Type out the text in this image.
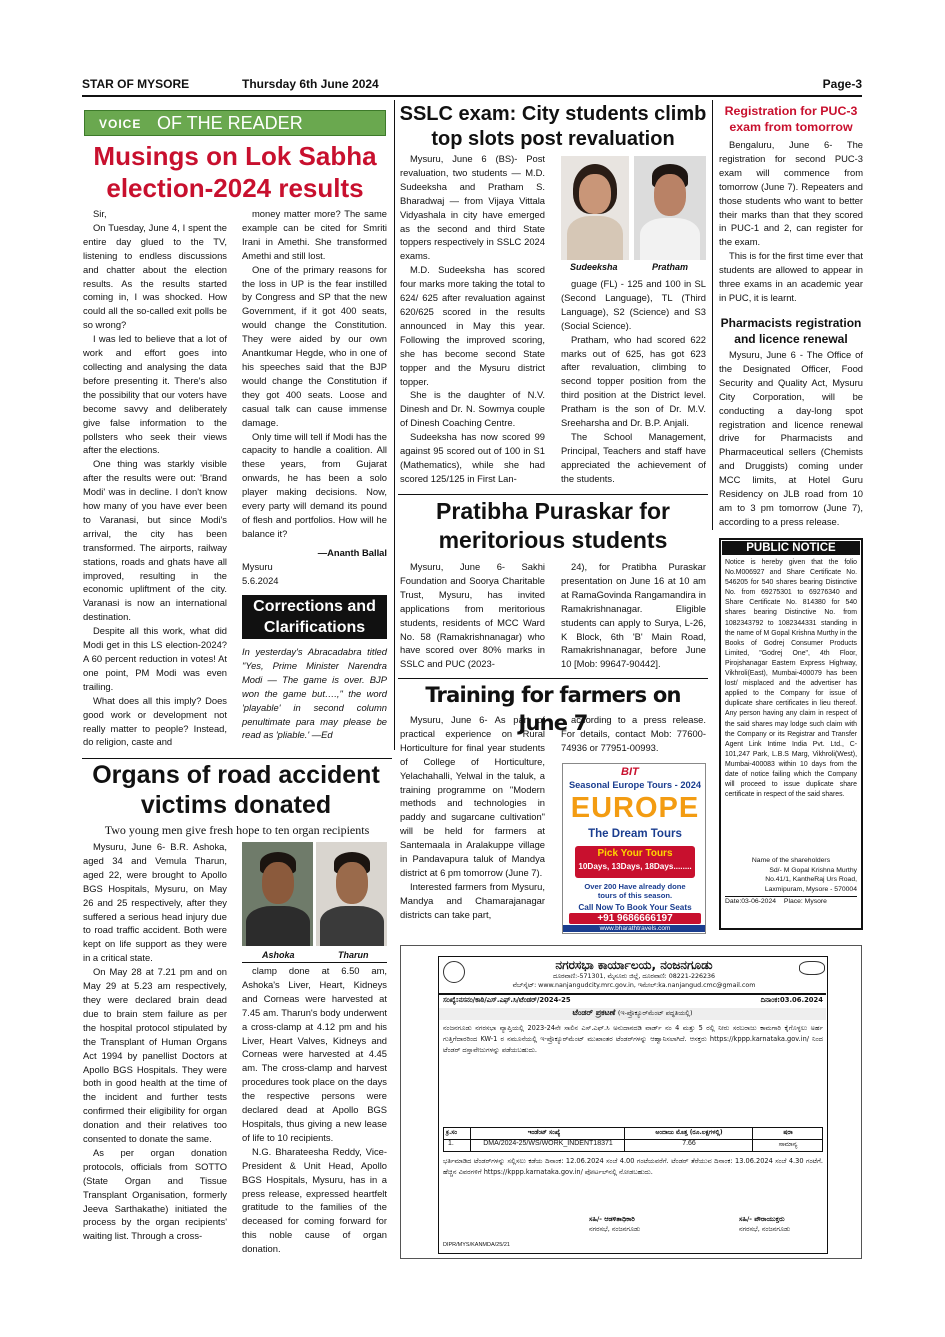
STAR OF MYSORE	Thursday 6th June 2024	Page-3
VOICE OF THE READER
Musings on Lok Sabha
election-2024 results

Sir,

On Tuesday, June 4, I spent the entire day glued to the TV, listening to endless discussions and chatter about the election results. As the results started coming in, I was shocked. How could all the so-called exit polls be so wrong?

I was led to believe that a lot of work and effort goes into collecting and analysing the data before presenting it. There's also the possibility that our voters have become savvy and deliberately give false information to the pollsters who seek their views after the elections.

One thing was starkly visible after the results were out: 'Brand Modi' was in decline. I don't know how many of you have ever been to Varanasi, but since Modi's arrival, the city has been transformed. The airports, railway stations, roads and ghats have all improved, resulting in the economic upliftment of the city. Varanasi is now an international destination.

Despite all this work, what did Modi get in this LS election-2024? A 60 percent reduction in votes! At one point, PM Modi was even trailing.

What does all this imply? Does good work or development not really matter to people? Instead, do religion, caste and

money matter more? The same example can be cited for Smriti Irani in Amethi. She transformed Amethi and still lost.

One of the primary reasons for the loss in UP is the fear instilled by Congress and SP that the new Government, if it got 400 seats, would change the Constitution. They were aided by our own Anantkumar Hegde, who in one of his speeches said that the BJP would change the Constitution if they got 400 seats. Loose and casual talk can cause immense damage.

Only time will tell if Modi has the capacity to handle a coalition. All these years, from Gujarat onwards, he has been a solo player making decisions. Now, every party will demand its pound of flesh and portfolios. How will he balance it?

—Ananth Ballal
Mysuru
5.6.2024
Corrections and
Clarifications
In yesterday's Abracadabra titled "Yes, Prime Minister Narendra Modi — The game is over. BJP won the game but….," the word 'playable' in second column penultimate para may please be read as 'pliable.' —Ed
SSLC exam: City students climb
top slots post revaluation

Mysuru, June 6 (BS)- Post revaluation, two students — M.D. Sudeeksha and Pratham S. Bharadwaj — from Vijaya Vittala Vidyashala in city have emerged as the second and third State toppers respectively in SSLC 2024 exams.

M.D. Sudeeksha has scored four marks more taking the total to 624/ 625 after revaluation against 620/625 scored in the results announced in May this year. Following the improved scoring, she has become second State topper and the Mysuru district topper.

She is the daughter of N.V. Dinesh and Dr. N. Sowmya couple of Dinesh Coaching Centre.

Sudeeksha has now scored 99 against 95 scored out of 100 in S1 (Mathematics), while she had scored 125/125 in First Lan-

Sudeeksha	Pratham

guage (FL) - 125 and 100 in SL (Second Language), TL (Third Language), S2 (Science) and S3 (Social Science).

Pratham, who had scored 622 marks out of 625, has got 623 after revaluation, climbing to second topper position from the third position at the District level. Pratham is the son of Dr. M.V. Sreeharsha and Dr. B.P. Anjali.

The School Management, Principal, Teachers and staff have appreciated the achievement of the students.

Registration for PUC-3
exam from tomorrow

Bengaluru, June 6- The registration for second PUC-3 exam will commence from tomorrow (June 7). Repeaters and those students who want to better their marks than that they scored in PUC-1 and 2, can register for the exam.

This is for the first time ever that students are allowed to appear in three exams in an academic year in PUC, it is learnt.

Pharmacists registration
and licence renewal

Mysuru, June 6 - The Office of the Designated Officer, Food Security and Quality Act, Mysuru City Corporation, will be conducting a day-long spot registration and licence renewal drive for Pharmacists and Pharmaceutical sellers (Chemists and Druggists) coming under MCC limits, at Hotel Guru Residency on JLB road from 10 am to 3 pm tomorrow (June 7), according to a press release.

Pratibha Puraskar for
meritorious students

Mysuru, June 6- Sakhi Foundation and Soorya Charitable Trust, Mysuru, has invited applications from meritorious students, residents of MCC Ward No. 58 (Ramakrishnanagar) who have scored over 80% marks in SSLC and PUC (2023-

24), for Pratibha Puraskar presentation on June 16 at 10 am at RamaGovinda Rangamandira in Ramakrishnanagar. Eligible students can apply to Surya, L-26, K Block, 6th 'B' Main Road, Ramakrishnanagar, before June 10 [Mob: 99647-90442].

PUBLIC NOTICE
Notice is hereby given that the folio No.M006927 and Share Certificate No. 546205 for 540 shares bearing Distinctive No. from 69275301 to 69276340 and Share Certificate No. 814380 for 540 shares bearing Distinctive No. from 1082343792 to 1082344331 standing in the name of M Gopal Krishna Murthy in the Books of Godrej Consumer Products Limited, "Godrej One", 4th Floor, Pirojshanagar Eastern Express Highway, Vikhroli(East), Mumbai-400079 has been lost/ misplaced and the advertiser has applied to the Company for issue of duplicate share certificates in lieu thereof. Any person having any claim in respect of the said shares may lodge such claim with the Company or its Registrar and Transfer Agent Link Intime India Pvt. Ltd., C-101,247 Park, L.B.S Marg, Vikhroli(West), Mumbai-400083 within 10 days from the date of notice failing which the Company will proceed to issue duplicate share certificate in respect of the said shares.
Name of the shareholders
Sd/- M Gopal Krishna Murthy
No.41/1, KantheRaj Urs Road,
Laxmipuram, Mysore - 570004
Date:03-06-2024 Place: Mysore
Training for farmers on June 7

Mysuru, June 6- As part of practical experience on Rural Horticulture for final year students of College of Horticulture, Yelachahalli, Yelwal in the taluk, a training programme on "Modern methods and technologies in paddy and sugarcane cultivation" will be held for farmers at Santemaala in Aralakuppe village in Pandavapura taluk of Mandya district at 6 pm tomorrow (June 7).

Interested farmers from Mysuru, Mandya and Chamarajanagar districts can take part,

according to a press release. For details, contact Mob: 77600-74936 or 77951-00993.

BIT
Seasonal Europe Tours - 2024
EUROPE
The Dream Tours
Pick Your Tours
10Days, 13Days, 18Days........
Over 200 Have already done
tours of this season.
Call Now To Book Your Seats
+91 9686666197
www.bharathtravels.com
Organs of road accident
victims donated
Two young men give fresh hope to ten organ recipients

Mysuru, June 6- B.R. Ashoka, aged 34 and Vemula Tharun, aged 22, were brought to Apollo BGS Hospitals, Mysuru, on May 26 and 25 respectively, after they suffered a serious head injury due to road traffic accident. Both were kept on life support as they were in a critical state.

On May 28 at 7.21 pm and on May 29 at 5.23 am respectively, they were declared brain dead due to brain stem failure as per the hospital protocol stipulated by the Transplant of Human Organs Act 1994 by panellist Doctors at Apollo BGS Hospitals. They were both in good health at the time of the incident and further tests confirmed their eligibility for organ donation and their relatives too consented to donate the same.

As per organ donation protocols, officials from SOTTO (State Organ and Tissue Transplant Organisation, formerly Jeeva Sarthakathe) initiated the process by the organ recipients' waiting list. Through a cross-

Ashoka	Tharun

clamp done at 6.50 am, Ashoka's Liver, Heart, Kidneys and Corneas were harvested at 7.45 am. Tharun's body underwent a cross-clamp at 4.12 pm and his Liver, Heart Valves, Kidneys and Corneas were harvested at 4.45 am. The cross-clamp and harvest procedures took place on the days the respective persons were declared dead at Apollo BGS Hospitals, thus giving a new lease of life to 10 recipients.

N.G. Bharateesha Reddy, Vice-President & Unit Head, Apollo BGS Hospitals, Mysuru, has in a press release, expressed heartfelt gratitude to the families of the deceased for coming forward for this noble cause of organ donation.

ನಗರಸಭಾ ಕಾರ್ಯಾಲಯ, ನಂಜನಗೂಡು
ದೂರವಾಣಿ:-571301, ಮೈಸೂರು ಜಿಲ್ಲೆ, ದೂರವಾಣಿ: 08221-226236
ವೆಬ್‌ಸೈಟ್: www.nanjangudcity.mrc.gov.in, ಇಮೇಲ್:ka.nanjangud.cmc@gmail.com
ಸಂಖ್ಯೆ:ನಸನಂ/ಕಾಠಿ/ಎಸ್.ಎಫ್.ಸಿ/ಟೆಂಡರ್/2024-25	ದಿನಾಂಕ:03.06.2024
ಟೆಂಡರ್ ಪ್ರಕಟಣೆ (ಇ-ಪ್ರೊಕ್ಯೂರ್‌ಮೆಂಟ್ ಪದ್ಧತಿಯಲ್ಲಿ)
ನಂಜನಗೂಡು ನಗರಸಭಾ ವ್ಯಾಪ್ತಿಯಲ್ಲಿ 2023-24ನೇ ಸಾಲಿನ ಎಸ್.ಎಫ್.ಸಿ ಅನುದಾನದಡಿ ವಾರ್ಡ್ ನಂ 4 ಮತ್ತು 5 ರಲ್ಲಿ ನೀರು ಸರಬರಾಜು ಕಾಮಗಾರಿ ಕೈಗೊಳ್ಳಲು ಅರ್ಹ ಗುತ್ತಿಗೆದಾರರಿಂದ KW-1 ರ ನಮೂನೆಯಲ್ಲಿ ಇ-ಪ್ರೊಕ್ಯೂರ್‌ಮೆಂಟ್ ಮುಖಾಂತರ ಟೆಂಡರ್‌ಗಳನ್ನು ಆಹ್ವಾನಿಸಲಾಗಿದೆ. ಆಸಕ್ತರು https://kppp.karnataka.gov.in/ ನಿಂದ ಟೆಂಡರ್ ದಸ್ತಾವೇಜುಗಳನ್ನು ಪಡೆಯಬಹುದು.
ಕ್ರ.ಸಂ	ಇಂಡೆಂಟ್ ಸಂಖ್ಯೆ	ಅಂದಾಜು ಮೊತ್ತ (ರೂ.ಲಕ್ಷಗಳಲ್ಲಿ)	ಷರಾ
1.	DMA/2024-25/WS/WORK_INDENT18371	7.66	ಸಾಮಾನ್ಯ
ಭರ್ತಿಮಾಡಿದ ಟೆಂಡರ್‌ಗಳನ್ನು ಸಲ್ಲಿಸಲು ಕಡೆಯ ದಿನಾಂಕ: 12.06.2024 ಸಂಜೆ 4.00 ಗಂಟೆಯವರೆಗೆ. ಟೆಂಡರ್ ತೆರೆಯುವ ದಿನಾಂಕ: 13.06.2024 ಸಂಜೆ 4.30 ಗಂಟೆಗೆ. ಹೆಚ್ಚಿನ ವಿವರಗಳಿಗೆ https://kppp.karnataka.gov.in/ ಪೋರ್ಟಲ್‌ನಲ್ಲಿ ನೋಡಬಹುದು.
ಸಹಿ/- ಆಡಳಿತಾಧಿಕಾರಿ
ನಗರಸಭೆ, ನಂಜನಗೂಡು
ಸಹಿ/- ಪೌರಾಯುಕ್ತರು
ನಗರಸಭೆ, ನಂಜನಗೂಡು
DIPR/MYS/KANMDA/25/21
